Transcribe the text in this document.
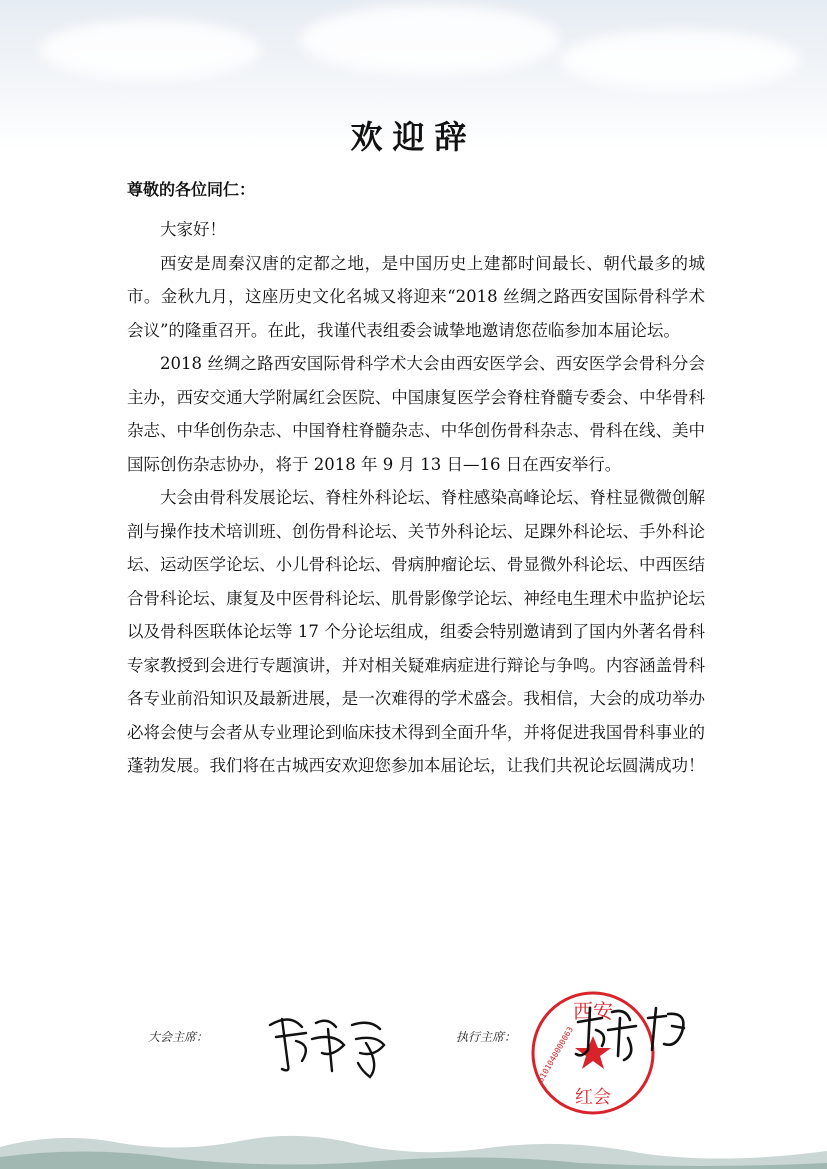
欢迎辞
尊敬的各位同仁：

大家好！

西安是周秦汉唐的定都之地，是中国历史上建都时间最长、朝代最多的城市。金秋九月，这座历史文化名城又将迎来“2018 丝绸之路西安国际骨科学术会议”的隆重召开。在此，我谨代表组委会诚挚地邀请您莅临参加本届论坛。

2018 丝绸之路西安国际骨科学术大会由西安医学会、西安医学会骨科分会主办，西安交通大学附属红会医院、中国康复医学会脊柱脊髓专委会、中华骨科杂志、中华创伤杂志、中国脊柱脊髓杂志、中华创伤骨科杂志、骨科在线、美中国际创伤杂志协办，将于 2018 年 9 月 13 日—16 日在西安举行。

大会由骨科发展论坛、脊柱外科论坛、脊柱感染高峰论坛、脊柱显微微创解剖与操作技术培训班、创伤骨科论坛、关节外科论坛、足踝外科论坛、手外科论坛、运动医学论坛、小儿骨科论坛、骨病肿瘤论坛、骨显微外科论坛、中西医结合骨科论坛、康复及中医骨科论坛、肌骨影像学论坛、神经电生理术中监护论坛以及骨科医联体论坛等 17 个分论坛组成，组委会特别邀请到了国内外著名骨科专家教授到会进行专题演讲，并对相关疑难病症进行辩论与争鸣。内容涵盖骨科各专业前沿知识及最新进展，是一次难得的学术盛会。我相信，大会的成功举办必将会使与会者从专业理论到临床技术得到全面升华，并将促进我国骨科事业的蓬勃发展。我们将在古城西安欢迎您参加本届论坛，让我们共祝论坛圆满成功！

大会主席：	执行主席：
西安
红会
6101040000063
